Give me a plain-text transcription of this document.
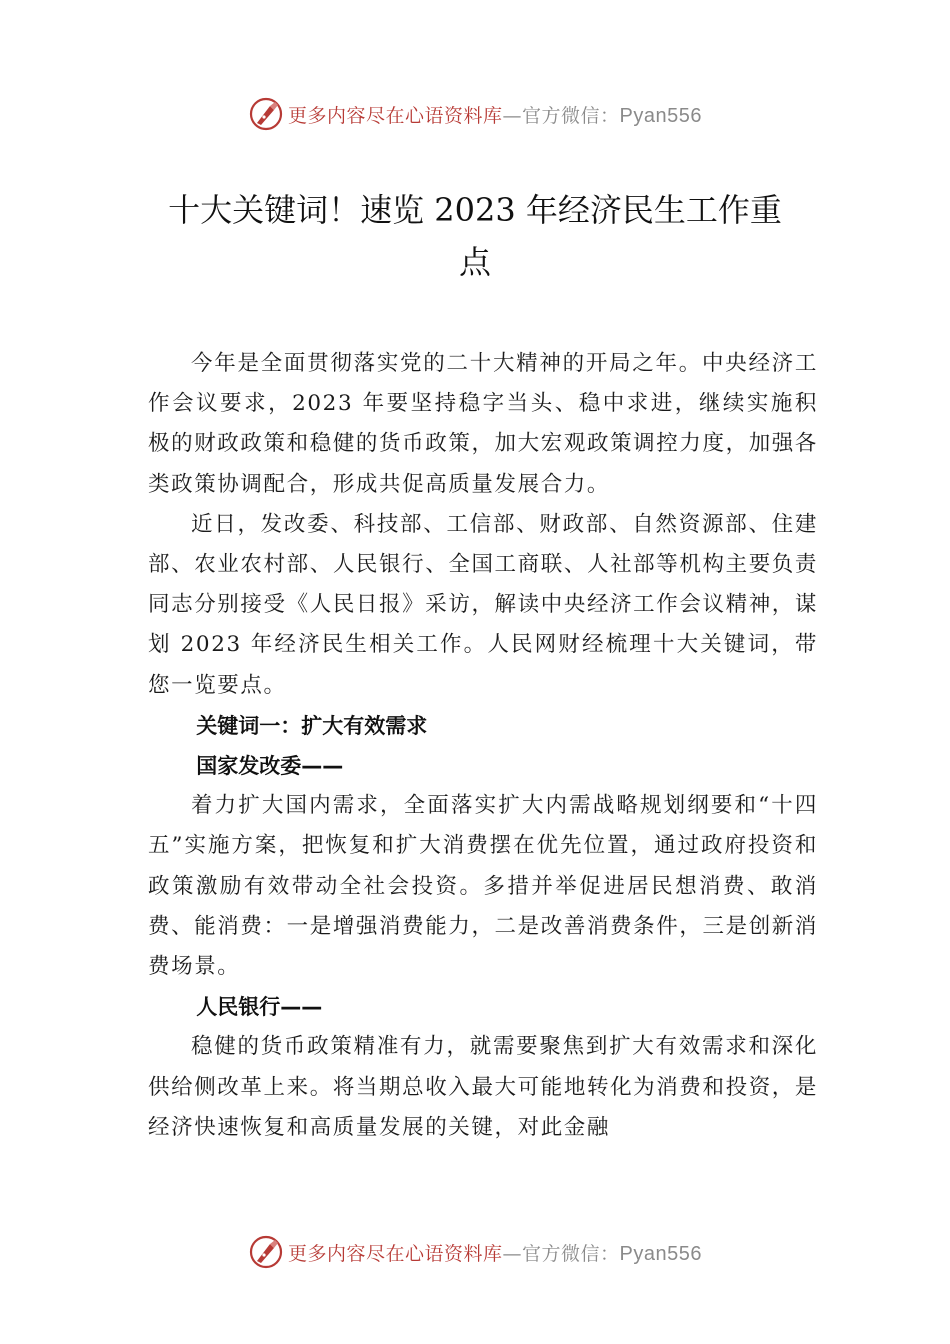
更多内容尽在心语资料库—官方微信：Pyan556
十大关键词！速览 2023 年经济民生工作重
点

今年是全面贯彻落实党的二十大精神的开局之年。中央经济工作会议要求，2023 年要坚持稳字当头、稳中求进，继续实施积极的财政政策和稳健的货币政策，加大宏观政策调控力度，加强各类政策协调配合，形成共促高质量发展合力。

近日，发改委、科技部、工信部、财政部、自然资源部、住建部、农业农村部、人民银行、全国工商联、人社部等机构主要负责同志分别接受《人民日报》采访，解读中央经济工作会议精神，谋划 2023 年经济民生相关工作。人民网财经梳理十大关键词，带您一览要点。

关键词一：扩大有效需求

国家发改委——

着力扩大国内需求，全面落实扩大内需战略规划纲要和“十四五”实施方案，把恢复和扩大消费摆在优先位置，通过政府投资和政策激励有效带动全社会投资。多措并举促进居民想消费、敢消费、能消费：一是增强消费能力，二是改善消费条件，三是创新消费场景。

人民银行——

稳健的货币政策精准有力，就需要聚焦到扩大有效需求和深化供给侧改革上来。将当期总收入最大可能地转化为消费和投资，是经济快速恢复和高质量发展的关键，对此金融

更多内容尽在心语资料库—官方微信：Pyan556
